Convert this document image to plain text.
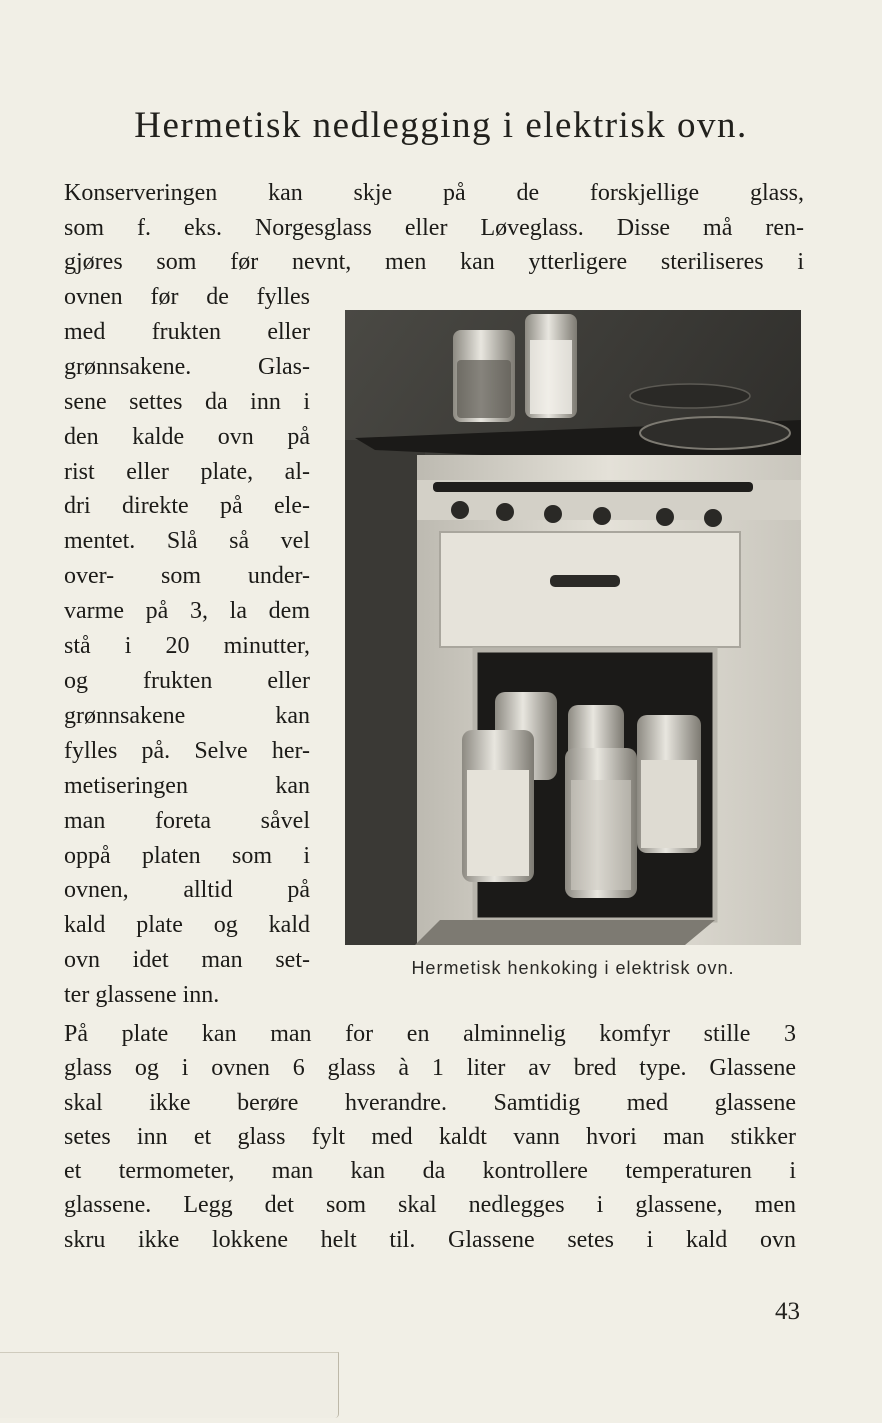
Hermetisk nedlegging i elektrisk ovn.

Konserveringen kan skje på de forskjellige glass,
som f. eks. Norgesglass eller Løveglass. Disse må ren-
gjøres som før nevnt, men kan ytterligere steriliseres i

ovnen før de fylles
med frukten eller
grønnsakene. Glas-
sene settes da inn i
den kalde ovn på
rist eller plate, al-
dri direkte på ele-
mentet. Slå så vel
over- som under-
varme på 3, la dem
stå i 20 minutter,
og frukten eller
grønnsakene kan
fylles på. Selve her-
metiseringen kan
man foreta såvel
oppå platen som i
ovnen, alltid på
kald plate og kald
ovn idet man set-
ter glassene inn.

Hermetisk henkoking i elektrisk ovn.

På plate kan man for en alminnelig komfyr stille 3
glass og i ovnen 6 glass à 1 liter av bred type. Glassene
skal ikke berøre hverandre. Samtidig med glassene
setes inn et glass fylt med kaldt vann hvori man stikker
et termometer, man kan da kontrollere temperaturen i
glassene. Legg det som skal nedlegges i glassene, men
skru ikke lokkene helt til. Glassene setes i kald ovn

43
